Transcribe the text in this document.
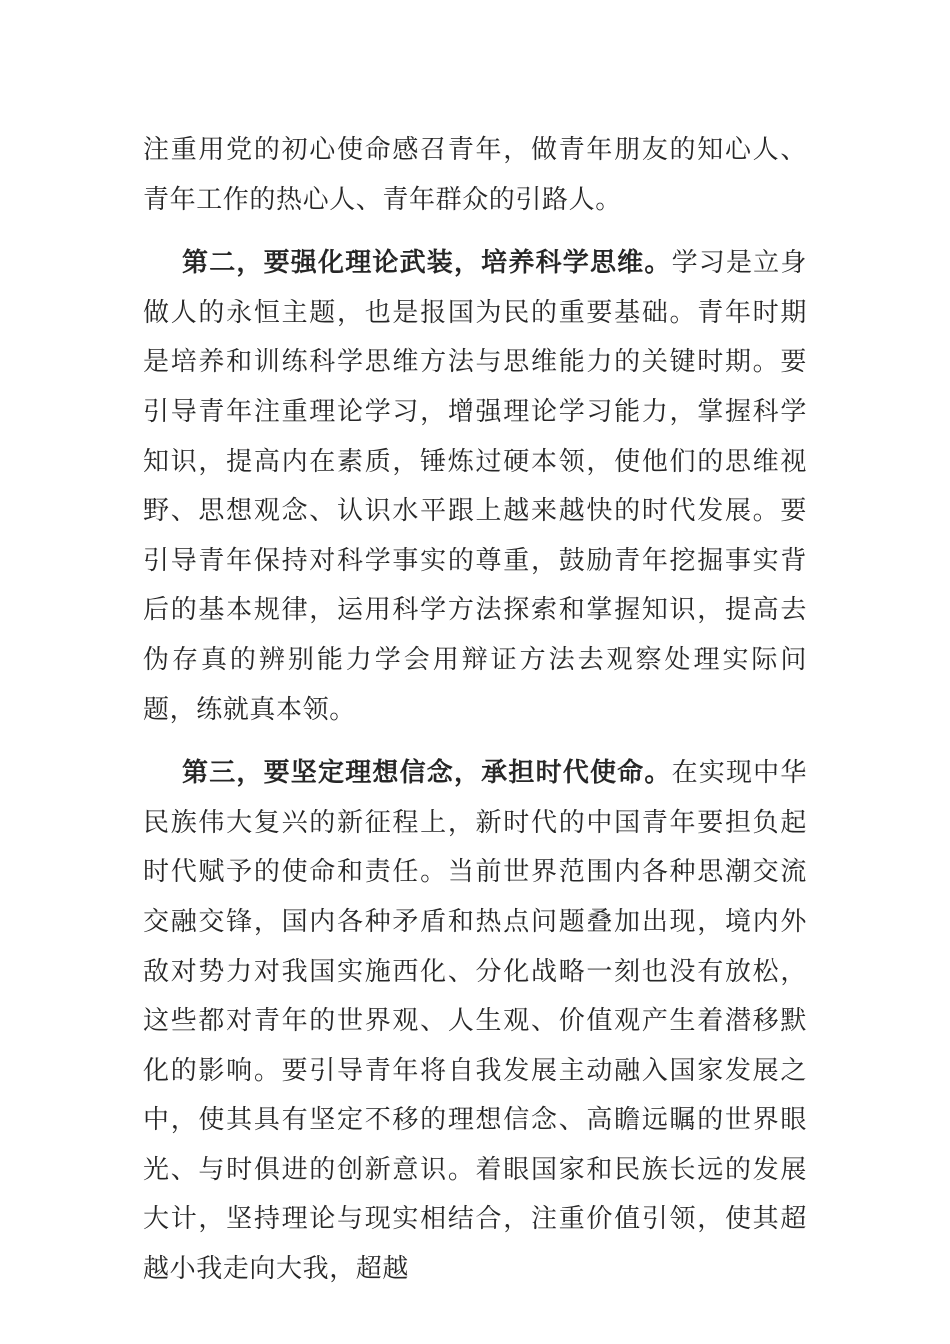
注重用党的初心使命感召青年，做青年朋友的知心人、青年工作的热心人、青年群众的引路人。

第二，要强化理论武装，培养科学思维。学习是立身做人的永恒主题，也是报国为民的重要基础。青年时期是培养和训练科学思维方法与思维能力的关键时期。要引导青年注重理论学习，增强理论学习能力，掌握科学知识，提高内在素质，锤炼过硬本领，使他们的思维视野、思想观念、认识水平跟上越来越快的时代发展。要引导青年保持对科学事实的尊重，鼓励青年挖掘事实背后的基本规律，运用科学方法探索和掌握知识，提高去伪存真的辨别能力学会用辩证方法去观察处理实际问题，练就真本领。

第三，要坚定理想信念，承担时代使命。在实现中华民族伟大复兴的新征程上，新时代的中国青年要担负起时代赋予的使命和责任。当前世界范围内各种思潮交流交融交锋，国内各种矛盾和热点问题叠加出现，境内外敌对势力对我国实施西化、分化战略一刻也没有放松，这些都对青年的世界观、人生观、价值观产生着潜移默化的影响。要引导青年将自我发展主动融入国家发展之中，使其具有坚定不移的理想信念、高瞻远瞩的世界眼光、与时俱进的创新意识。着眼国家和民族长远的发展大计，坚持理论与现实相结合，注重价值引领，使其超越小我走向大我，超越
